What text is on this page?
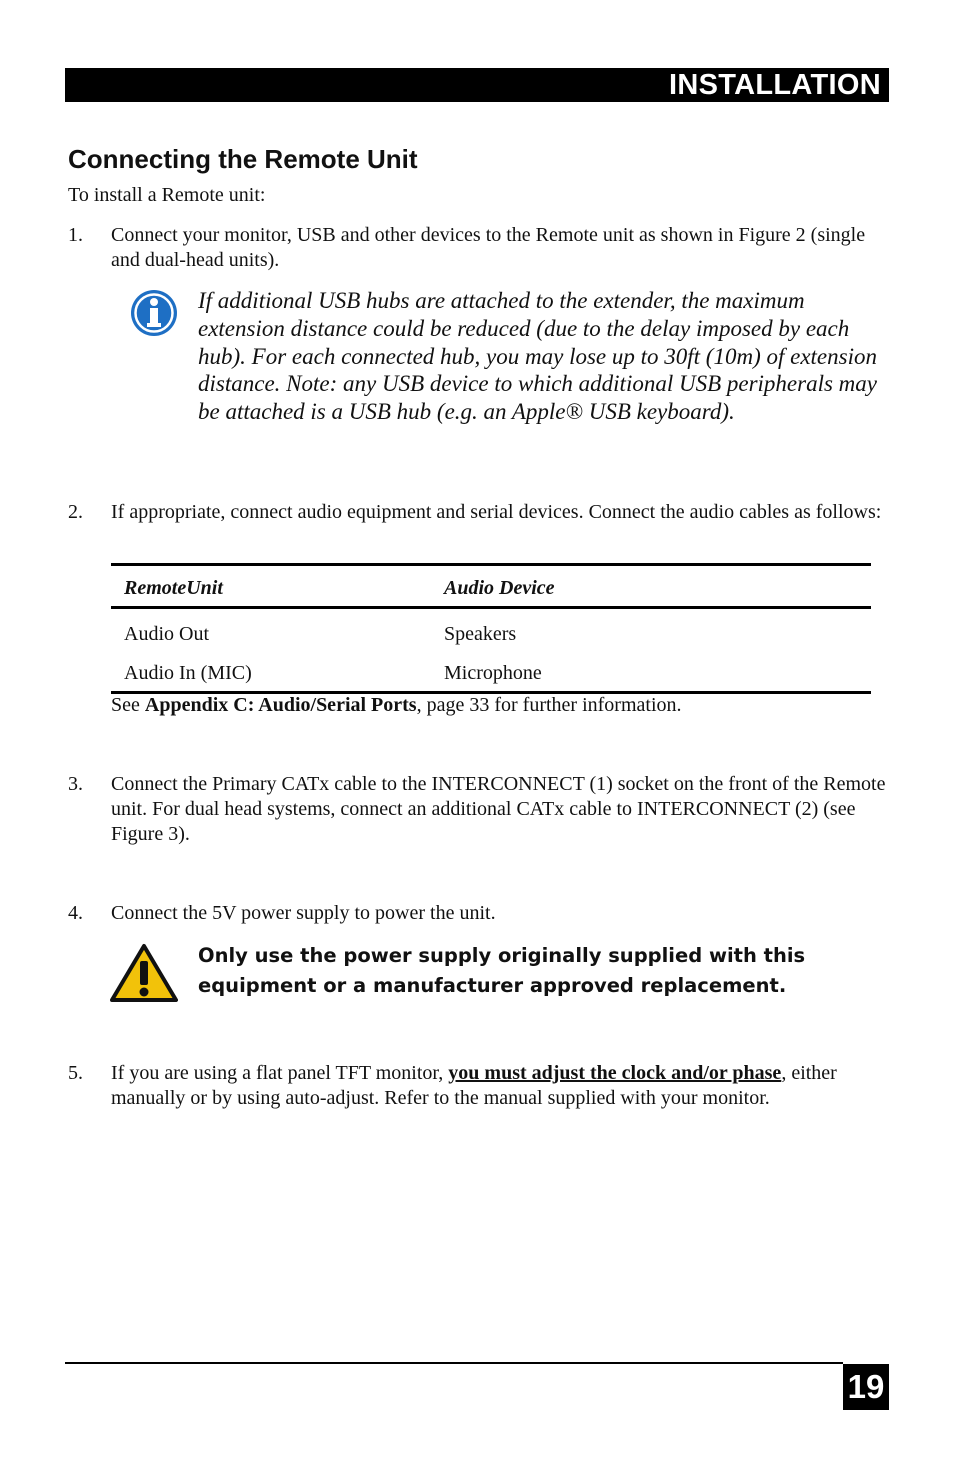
INSTALLATION
Connecting the Remote Unit

To install a Remote unit:

1. Connect your monitor, USB and other devices to the Remote unit as shown in Figure 2 (single and dual-head units).

If additional USB hubs are attached to the extender, the maximum extension distance could be reduced (due to the delay imposed by each hub). For each connected hub, you may lose up to 30ft (10m) of extension distance. Note: any USB device to which additional USB peripherals may be attached is a USB hub (e.g. an Apple® USB keyboard).

2. If appropriate, connect audio equipment and serial devices. Connect the audio cables as follows:

RemoteUnit	Audio Device
Audio Out	Speakers
Audio In (MIC)	Microphone

See Appendix C: Audio/Serial Ports, page 33 for further information.

3. Connect the Primary CATx cable to the INTERCONNECT (1) socket on the front of the Remote unit. For dual head systems, connect an additional CATx cable to INTERCONNECT (2) (see Figure 3).

4. Connect the 5V power supply to power the unit.

Only use the power supply originally supplied with this equipment or a manufacturer approved replacement.

5. If you are using a flat panel TFT monitor, you must adjust the clock and/or phase, either manually or by using auto-adjust. Refer to the manual supplied with your monitor.

19
